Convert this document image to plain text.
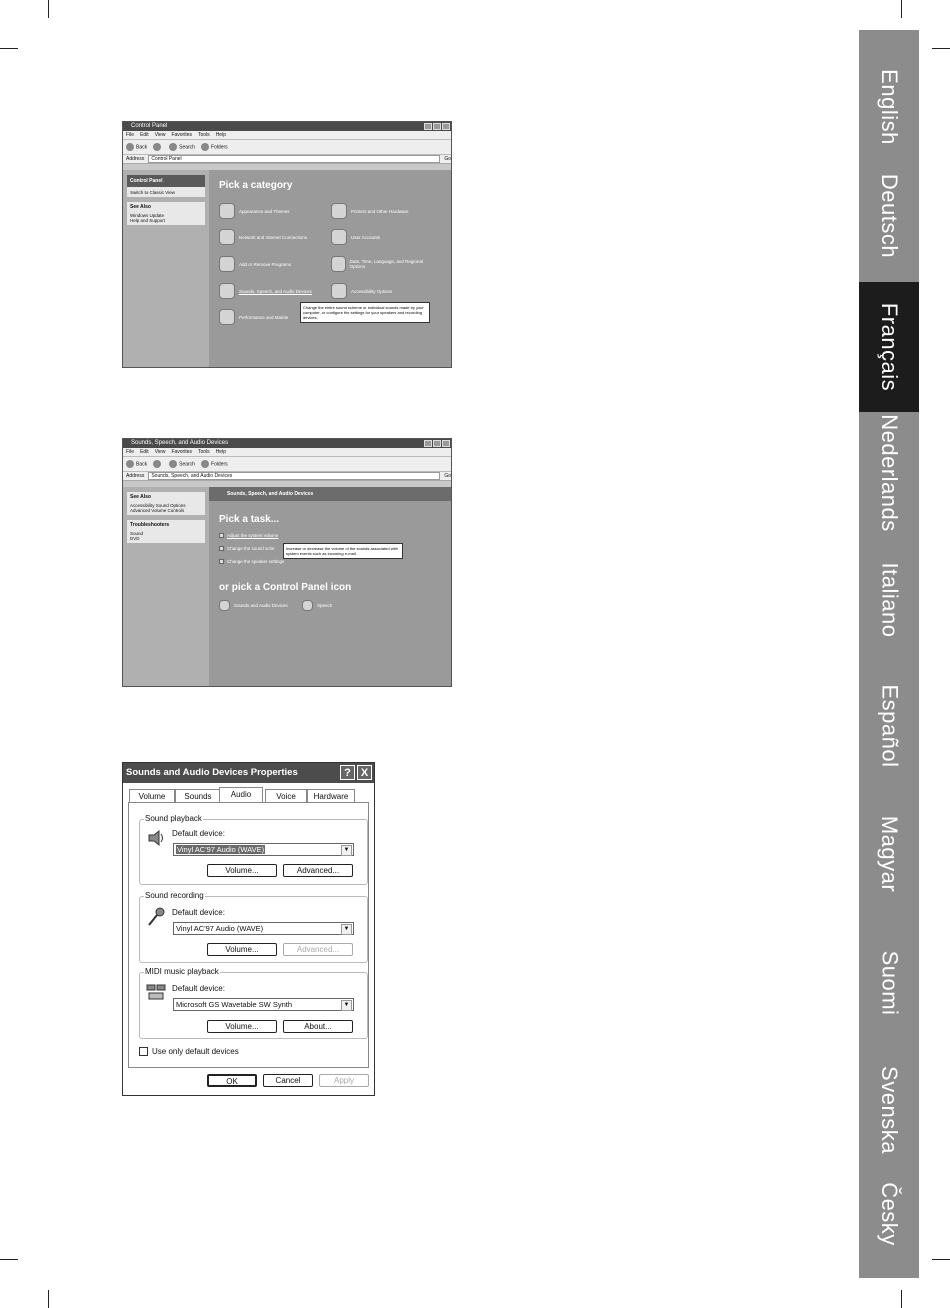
English
Deutsch
Français
Nederlands
Italiano
Español
Magyar
Suomi
Svenska
Česky
Control Panel
File Edit View Favorites Tools Help
Back	Search	Folders
Address	Control Panel	Go
Control Panel
Switch to Classic View
See Also
Windows Update
Help and Support
Pick a category
Appearance and Themes	Printers and Other Hardware
Network and Internet Connections	User Accounts
Add or Remove Programs	Date, Time, Language, and Regional Options
Sounds, Speech, and Audio Devices	Accessibility Options
Performance and Mainte
Change the entire sound scheme or individual sounds made by your computer, or configure the settings for your speakers and recording devices.
Sounds, Speech, and Audio Devices
File Edit View Favorites Tools Help
Back	Search	Folders
Address	Sounds, Speech, and Audio Devices	Go
See Also
Accessibility Sound Options
Advanced Volume Controls
Troubleshooters
Sound
DVD
Sounds, Speech, and Audio Devices
Pick a task...
Adjust the system volume
Change the sound sche
Change the speaker settings
Increase or decrease the volume of the sounds associated with system events such as incoming e-mail.
or pick a Control Panel icon
Sounds and Audio Devices	Speech
Sounds and Audio Devices Properties	? X
Volume	Sounds	Audio	Voice	Hardware
Sound playback
Default device:
Vinyl AC'97 Audio (WAVE)	▼
Volume...	Advanced...
Sound recording
Default device:
Vinyl AC'97 Audio (WAVE)	▼
Volume...	Advanced...
MIDI music playback
Default device:
Microsoft GS Wavetable SW Synth	▼
Volume...	About...
Use only default devices
OK	Cancel	Apply
